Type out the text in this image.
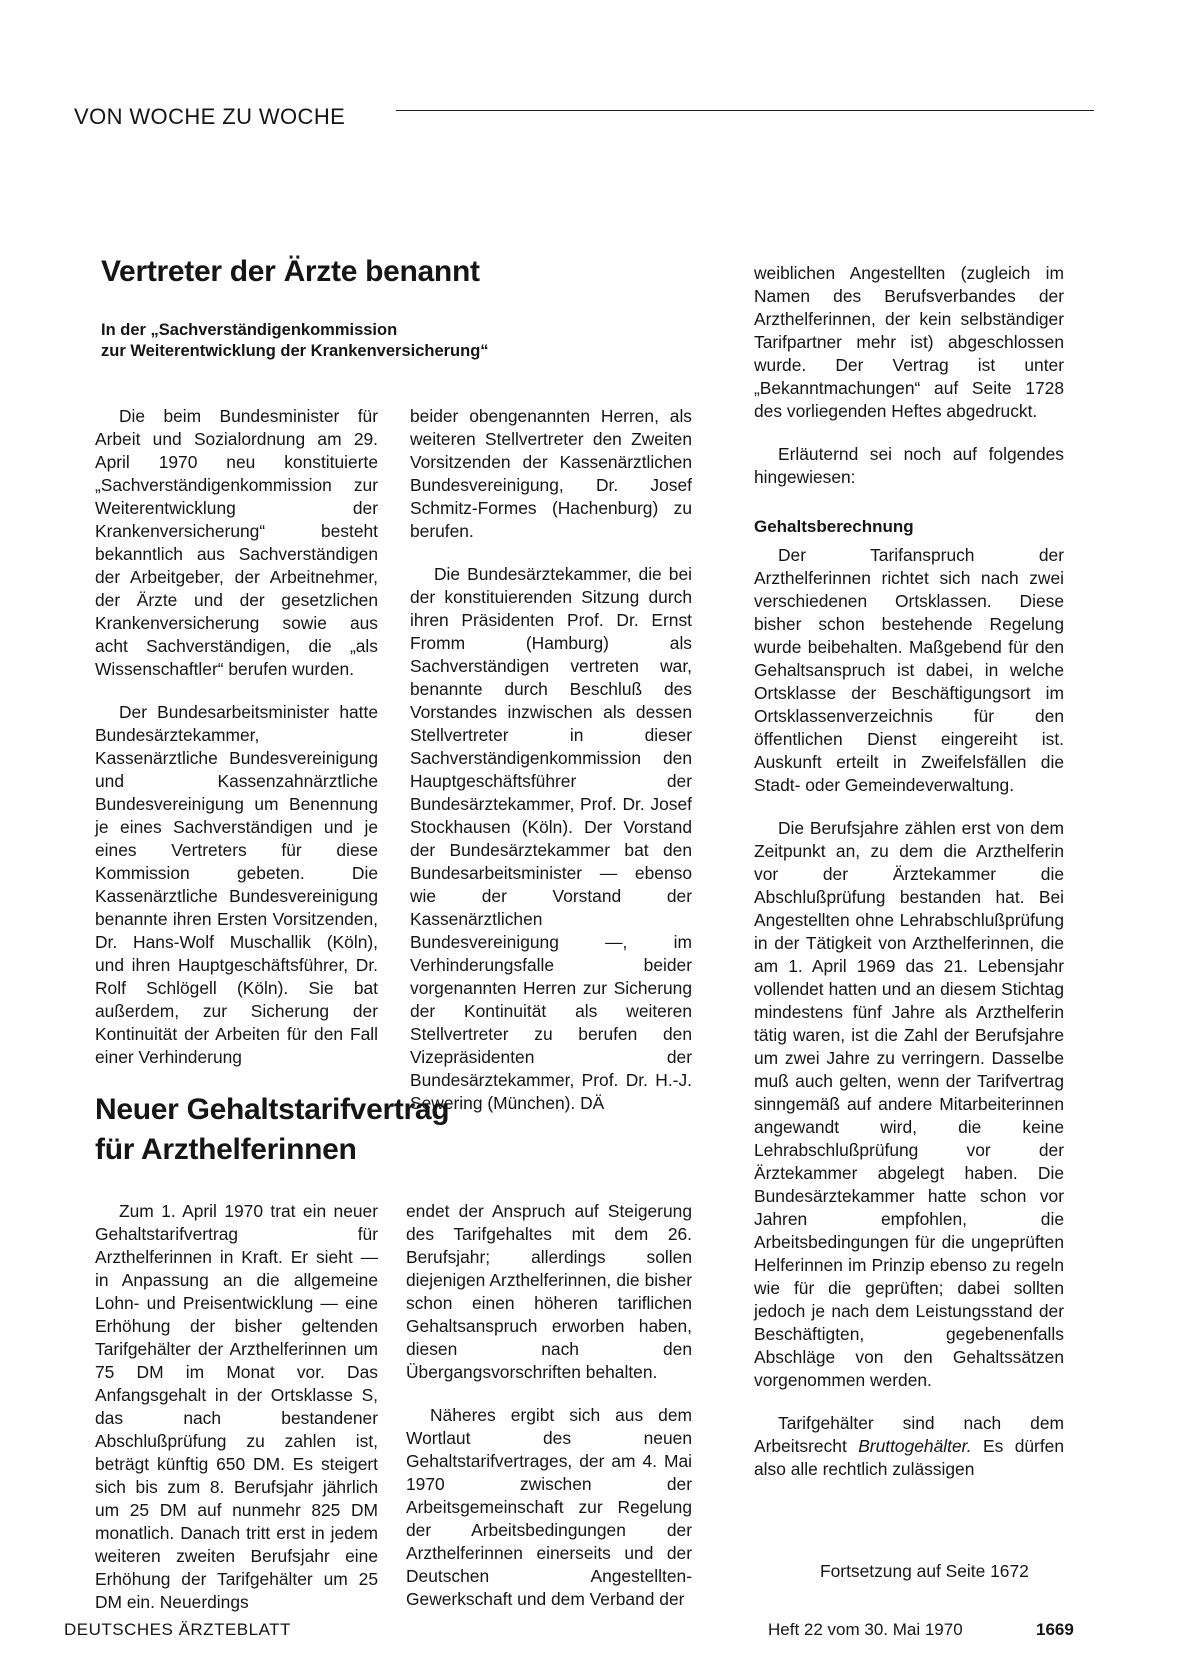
VON WOCHE ZU WOCHE
Vertreter der Ärzte benannt
In der „Sachverständigenkommission
zur Weiterentwicklung der Krankenversicherung“

Die beim Bundesminister für Arbeit und Sozialordnung am 29. April 1970 neu konstituierte „Sachverständigenkommission zur Weiterentwicklung der Krankenversicherung“ besteht bekanntlich aus Sachverständigen der Arbeitgeber, der Arbeitnehmer, der Ärzte und der gesetzlichen Krankenversicherung sowie aus acht Sachverständigen, die „als Wissenschaftler“ berufen wurden.

Der Bundesarbeitsminister hatte Bundesärztekammer, Kassenärztliche Bundesvereinigung und Kassenzahnärztliche Bundesvereinigung um Benennung je eines Sachverständigen und je eines Vertreters für diese Kommission gebeten. Die Kassenärztliche Bundesvereinigung benannte ihren Ersten Vorsitzenden, Dr. Hans-Wolf Muschallik (Köln), und ihren Hauptgeschäftsführer, Dr. Rolf Schlögell (Köln). Sie bat außerdem, zur Sicherung der Kontinuität der Arbeiten für den Fall einer Verhinderung

beider obengenannten Herren, als weiteren Stellvertreter den Zweiten Vorsitzenden der Kassenärztlichen Bundesvereinigung, Dr. Josef Schmitz-Formes (Hachenburg) zu berufen.

Die Bundesärztekammer, die bei der konstituierenden Sitzung durch ihren Präsidenten Prof. Dr. Ernst Fromm (Hamburg) als Sachverständigen vertreten war, benannte durch Beschluß des Vorstandes inzwischen als dessen Stellvertreter in dieser Sachverständigenkommission den Hauptgeschäftsführer der Bundesärztekammer, Prof. Dr. Josef Stockhausen (Köln). Der Vorstand der Bundesärztekammer bat den Bundesarbeitsminister — ebenso wie der Vorstand der Kassenärztlichen Bundesvereinigung —, im Verhinderungsfalle beider vorgenannten Herren zur Sicherung der Kontinuität als weiteren Stellvertreter zu berufen den Vizepräsidenten der Bundesärztekammer, Prof. Dr. H.-J. Sewering (München). DÄ

Neuer Gehaltstarifvertrag
für Arzthelferinnen

Zum 1. April 1970 trat ein neuer Gehaltstarifvertrag für Arzthelferinnen in Kraft. Er sieht — in Anpassung an die allgemeine Lohn- und Preisentwicklung — eine Erhöhung der bisher geltenden Tarifgehälter der Arzthelferinnen um 75 DM im Monat vor. Das Anfangsgehalt in der Ortsklasse S, das nach bestandener Abschlußprüfung zu zahlen ist, beträgt künftig 650 DM. Es steigert sich bis zum 8. Berufsjahr jährlich um 25 DM auf nunmehr 825 DM monatlich. Danach tritt erst in jedem weiteren zweiten Berufsjahr eine Erhöhung der Tarifgehälter um 25 DM ein. Neuerdings

endet der Anspruch auf Steigerung des Tarifgehaltes mit dem 26. Berufsjahr; allerdings sollen diejenigen Arzthelferinnen, die bisher schon einen höheren tariflichen Gehaltsanspruch erworben haben, diesen nach den Übergangsvorschriften behalten.

Näheres ergibt sich aus dem Wortlaut des neuen Gehaltstarifvertrages, der am 4. Mai 1970 zwischen der Arbeitsgemeinschaft zur Regelung der Arbeitsbedingungen der Arzthelferinnen einerseits und der Deutschen Angestellten-Gewerkschaft und dem Verband der

weiblichen Angestellten (zugleich im Namen des Berufsverbandes der Arzthelferinnen, der kein selbständiger Tarifpartner mehr ist) abgeschlossen wurde. Der Vertrag ist unter „Bekanntmachungen“ auf Seite 1728 des vorliegenden Heftes abgedruckt.

Erläuternd sei noch auf folgendes hingewiesen:

Gehaltsberechnung

Der Tarifanspruch der Arzthelferinnen richtet sich nach zwei verschiedenen Ortsklassen. Diese bisher schon bestehende Regelung wurde beibehalten. Maßgebend für den Gehaltsanspruch ist dabei, in welche Ortsklasse der Beschäftigungsort im Ortsklassenverzeichnis für den öffentlichen Dienst eingereiht ist. Auskunft erteilt in Zweifelsfällen die Stadt- oder Gemeindeverwaltung.

Die Berufsjahre zählen erst von dem Zeitpunkt an, zu dem die Arzthelferin vor der Ärztekammer die Abschlußprüfung bestanden hat. Bei Angestellten ohne Lehrabschlußprüfung in der Tätigkeit von Arzthelferinnen, die am 1. April 1969 das 21. Lebensjahr vollendet hatten und an diesem Stichtag mindestens fünf Jahre als Arzthelferin tätig waren, ist die Zahl der Berufsjahre um zwei Jahre zu verringern. Dasselbe muß auch gelten, wenn der Tarifvertrag sinngemäß auf andere Mitarbeiterinnen angewandt wird, die keine Lehrabschlußprüfung vor der Ärztekammer abgelegt haben. Die Bundesärztekammer hatte schon vor Jahren empfohlen, die Arbeitsbedingungen für die ungeprüften Helferinnen im Prinzip ebenso zu regeln wie für die geprüften; dabei sollten jedoch je nach dem Leistungsstand der Beschäftigten, gegebenenfalls Abschläge von den Gehaltssätzen vorgenommen werden.

Tarifgehälter sind nach dem Arbeitsrecht Bruttogehälter. Es dürfen also alle rechtlich zulässigen

Fortsetzung auf Seite 1672
DEUTSCHES ÄRZTEBLATT	Heft 22 vom 30. Mai 1970	1669
